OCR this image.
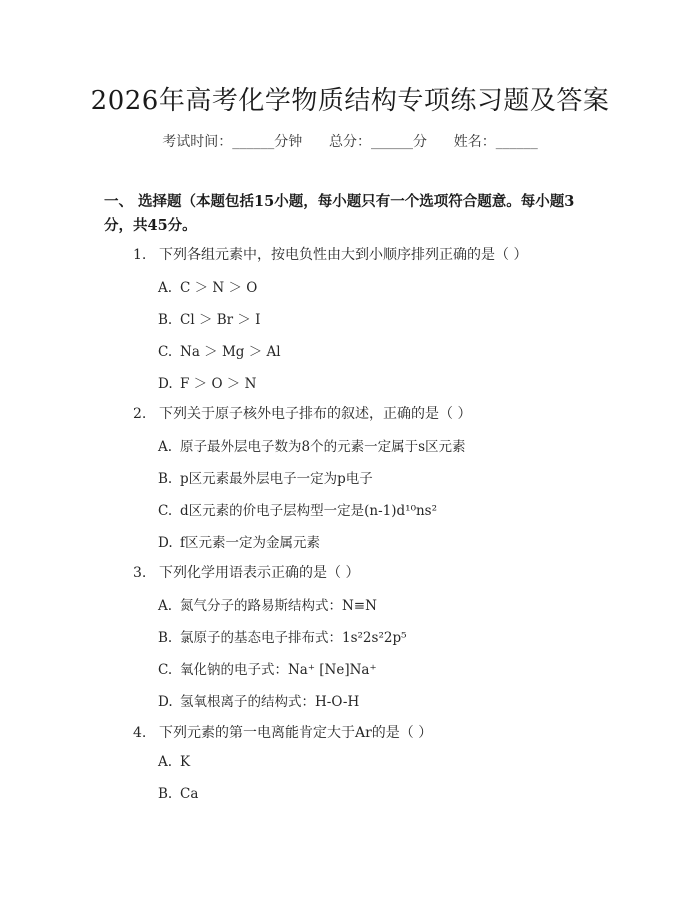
2026年高考化学物质结构专项练习题及答案
考试时间：______分钟      总分：______分      姓名：______
一、 选择题（本题包括15小题，每小题只有一个选项符合题意。每小题3分，共45分。
1. 下列各组元素中，按电负性由大到小顺序排列正确的是（ ）
A. C ＞ N ＞ O
B. Cl ＞ Br ＞ I
C. Na ＞ Mg ＞ Al
D. F ＞ O ＞ N
2. 下列关于原子核外电子排布的叙述，正确的是（ ）
A. 原子最外层电子数为8个的元素一定属于s区元素
B. p区元素最外层电子一定为p电子
C. d区元素的价电子层构型一定是(n-1)d¹⁰ns²
D. f区元素一定为金属元素
3. 下列化学用语表示正确的是（ ）
A. 氮气分子的路易斯结构式：N≡N
B. 氯原子的基态电子排布式：1s²2s²2p⁵
C. 氧化钠的电子式：Na⁺ [Ne]Na⁺
D. 氢氧根离子的结构式：H-O-H
4. 下列元素的第一电离能肯定大于Ar的是（ ）
A. K
B. Ca
